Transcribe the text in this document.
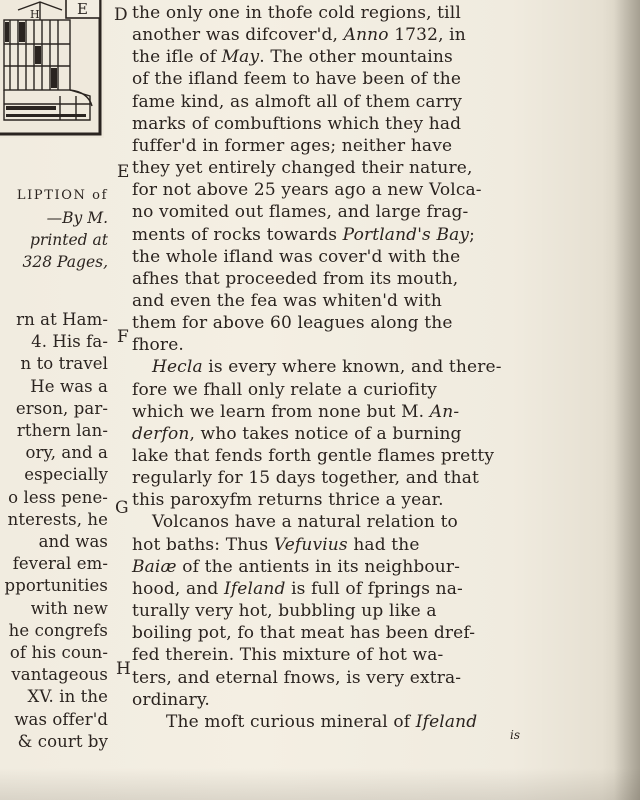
E
H
LIPTION of
—By M.
printed at
328 Pages,

rn at Ham-
4. His fa-
n to travel
He was a
erson, par-
rthern lan-
ory, and a
especially
o less pene-
nterests, he
and was
feveral em-
pportunities
with new
he congrefs
of his coun-
vantageous
XV. in the
was offer'd
& court by
D
E
F
G
H
the only one in thofe cold regions, till
another was difcover'd, Anno 1732, in
the ifle of May. The other mountains
of the ifland feem to have been of the
fame kind, as almoft all of them carry
marks of combuftions which they had
fuffer'd in former ages; neither have
they yet entirely changed their nature,
for not above 25 years ago a new Volca-
no vomited out flames, and large frag-
ments of rocks towards Portland's Bay;
the whole ifland was cover'd with the
afhes that proceeded from its mouth,
and even the fea was whiten'd with
them for above 60 leagues along the
fhore.
Hecla is every where known, and there-
fore we fhall only relate a curiofity
which we learn from none but M. An-
derfon, who takes notice of a burning
lake that fends forth gentle flames pretty
regularly for 15 days together, and that
this paroxyfm returns thrice a year.
Volcanos have a natural relation to
hot baths: Thus Vefuvius had the
Baiæ of the antients in its neighbour-
hood, and Ifeland is full of fprings na-
turally very hot, bubbling up like a
boiling pot, fo that meat has been dref-
fed therein. This mixture of hot wa-
ters, and eternal fnows, is very extra-
ordinary.
The moft curious mineral of Ifeland
is
